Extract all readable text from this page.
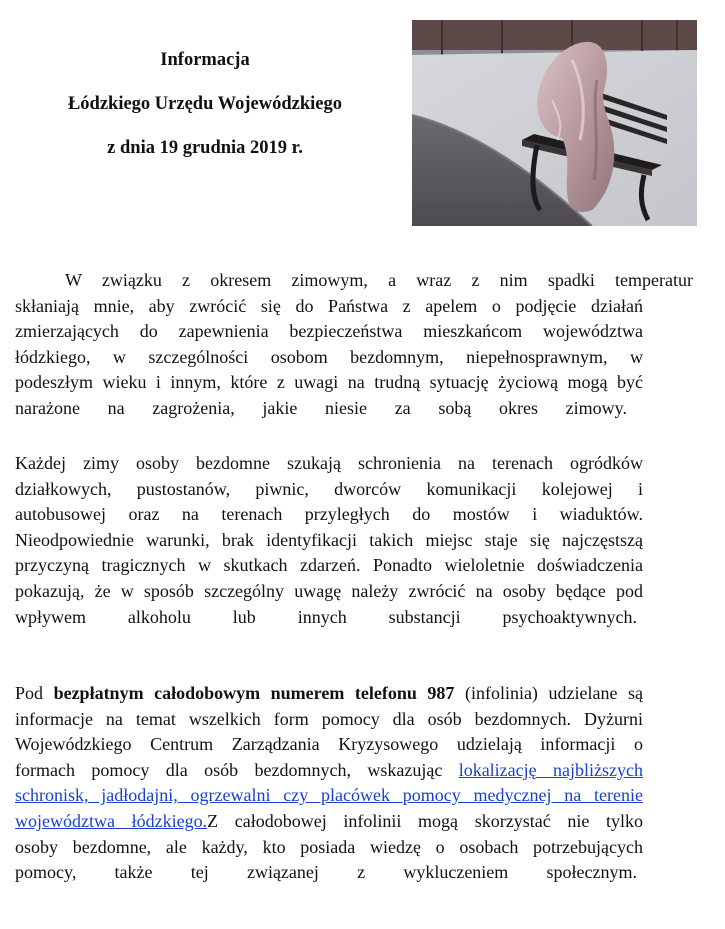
Informacja
Łódzkiego Urzędu Wojewódzkiego
z dnia 19 grudnia 2019 r.
W związku z okresem zimowym, a wraz z nim spadki temperatur
skłaniają mnie, aby zwrócić się do Państwa z apelem o podjęcie działań
zmierzających do zapewnienia bezpieczeństwa mieszkańcom województwa
łódzkiego, w szczególności osobom bezdomnym, niepełnosprawnym, w
podeszłym wieku i innym, które z uwagi na trudną sytuację życiową mogą być
narażone na zagrożenia, jakie niesie za sobą okres zimowy.
Każdej zimy osoby bezdomne szukają schronienia na terenach ogródków
działkowych, pustostanów, piwnic, dworców komunikacji kolejowej i
autobusowej oraz na terenach przyległych do mostów i wiaduktów.
Nieodpowiednie warunki, brak identyfikacji takich miejsc staje się najczęstszą
przyczyną tragicznych w skutkach zdarzeń. Ponadto wieloletnie doświadczenia
pokazują, że w sposób szczególny uwagę należy zwrócić na osoby będące pod
wpływem alkoholu lub innych substancji psychoaktywnych.
Pod bezpłatnym całodobowym numerem telefonu 987 (infolinia) udzielane są
informacje na temat wszelkich form pomocy dla osób bezdomnych. Dyżurni
Wojewódzkiego Centrum Zarządzania Kryzysowego udzielają informacji o
formach pomocy dla osób bezdomnych, wskazując lokalizację najbliższych
schronisk, jadłodajni, ogrzewalni czy placówek pomocy medycznej na terenie
województwa łódzkiego.Z całodobowej infolinii mogą skorzystać nie tylko
osoby bezdomne, ale każdy, kto posiada wiedzę o osobach potrzebujących
pomocy, także tej związanej z wykluczeniem społecznym.
